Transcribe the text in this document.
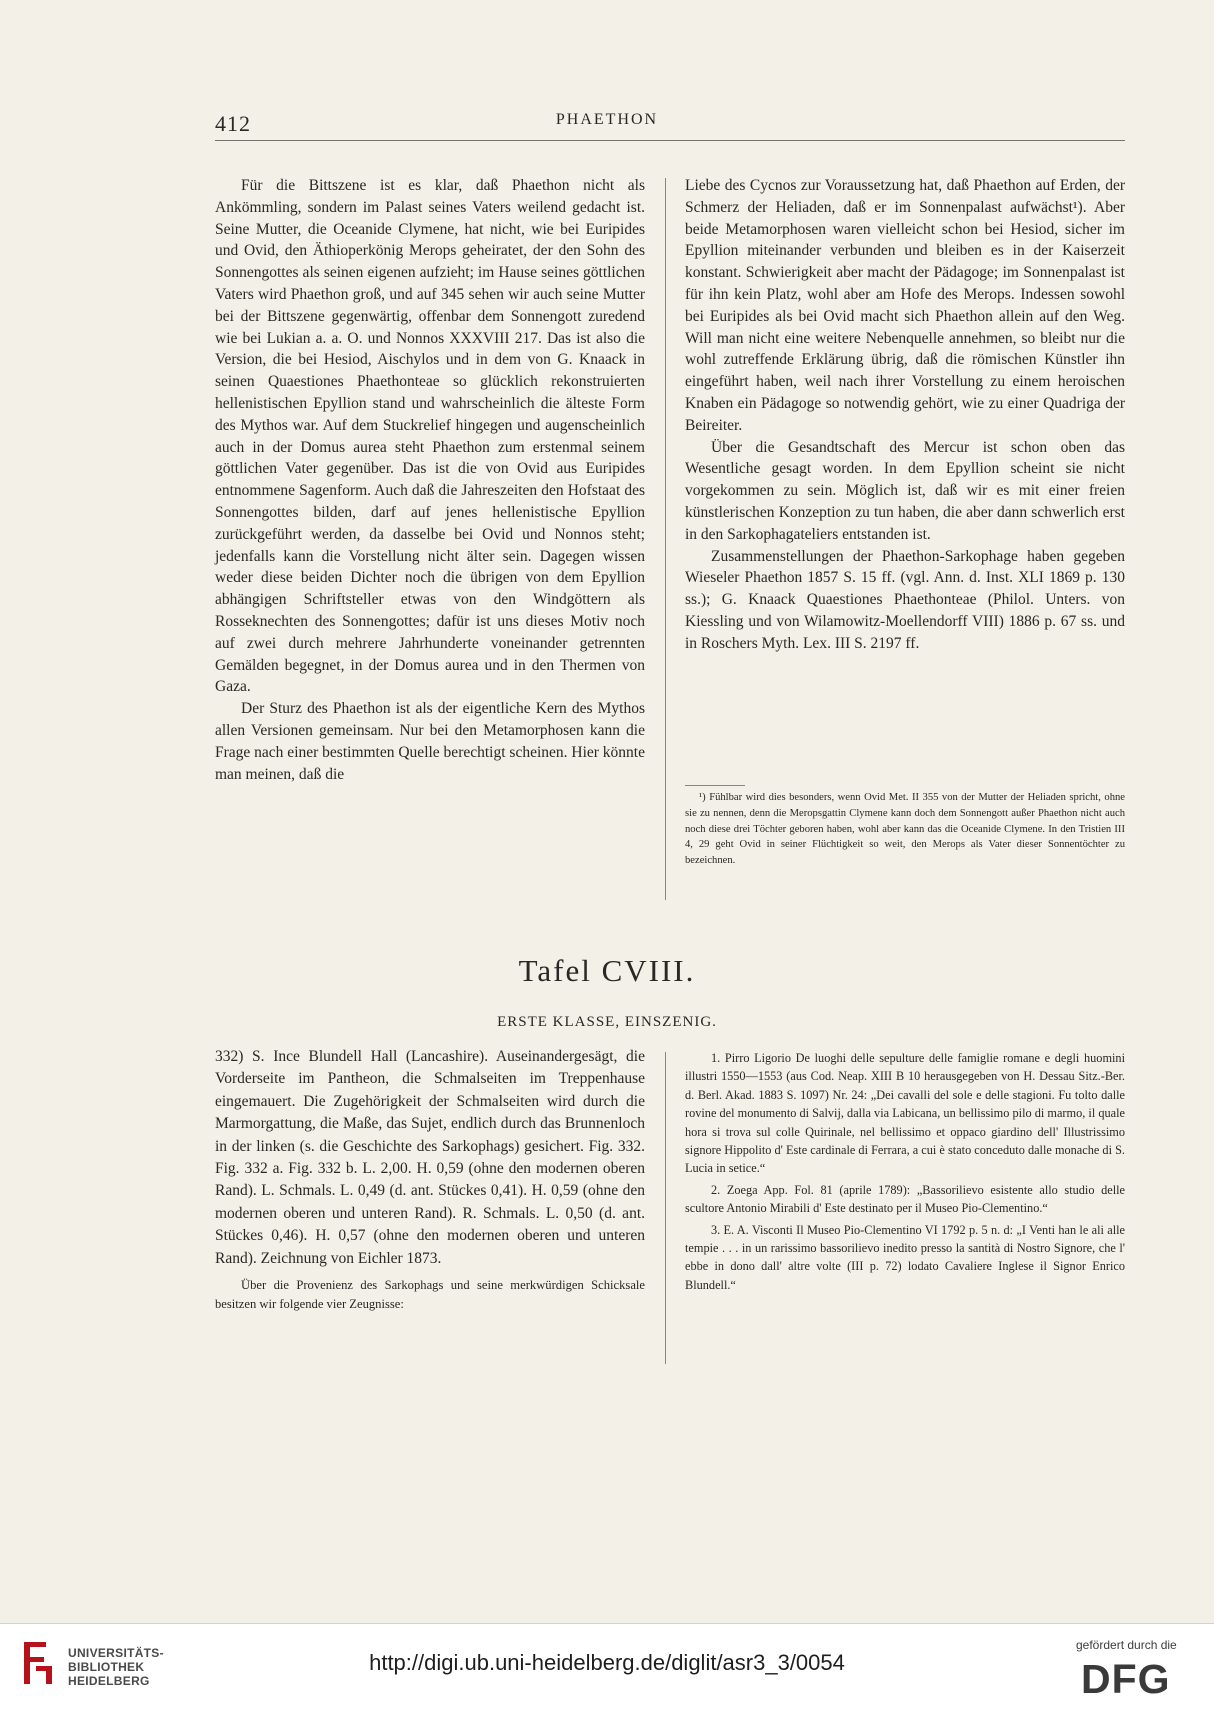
412	PHAETHON

Für die Bittszene ist es klar, daß Phaethon nicht als Ankömmling, sondern im Palast seines Vaters weilend gedacht ist. Seine Mutter, die Oceanide Clymene, hat nicht, wie bei Euripides und Ovid, den Äthioperkönig Merops geheiratet, der den Sohn des Sonnengottes als seinen eigenen aufzieht; im Hause seines göttlichen Vaters wird Phaethon groß, und auf 345 sehen wir auch seine Mutter bei der Bittszene gegenwärtig, offenbar dem Sonnengott zuredend wie bei Lukian a. a. O. und Nonnos XXXVIII 217. Das ist also die Version, die bei Hesiod, Aischylos und in dem von G. Knaack in seinen Quaestiones Phaethonteae so glücklich rekonstruierten hellenistischen Epyllion stand und wahrscheinlich die älteste Form des Mythos war. Auf dem Stuckrelief hingegen und augenscheinlich auch in der Domus aurea steht Phaethon zum erstenmal seinem göttlichen Vater gegenüber. Das ist die von Ovid aus Euripides entnommene Sagenform. Auch daß die Jahreszeiten den Hofstaat des Sonnengottes bilden, darf auf jenes hellenistische Epyllion zurückgeführt werden, da dasselbe bei Ovid und Nonnos steht; jedenfalls kann die Vorstellung nicht älter sein. Dagegen wissen weder diese beiden Dichter noch die übrigen von dem Epyllion abhängigen Schriftsteller etwas von den Windgöttern als Rosseknechten des Sonnengottes; dafür ist uns dieses Motiv noch auf zwei durch mehrere Jahrhunderte voneinander getrennten Gemälden begegnet, in der Domus aurea und in den Thermen von Gaza.

Der Sturz des Phaethon ist als der eigentliche Kern des Mythos allen Versionen gemeinsam. Nur bei den Metamorphosen kann die Frage nach einer bestimmten Quelle berechtigt scheinen. Hier könnte man meinen, daß die

Liebe des Cycnos zur Voraussetzung hat, daß Phaethon auf Erden, der Schmerz der Heliaden, daß er im Sonnenpalast aufwächst¹). Aber beide Metamorphosen waren vielleicht schon bei Hesiod, sicher im Epyllion miteinander verbunden und bleiben es in der Kaiserzeit konstant. Schwierigkeit aber macht der Pädagoge; im Sonnenpalast ist für ihn kein Platz, wohl aber am Hofe des Merops. Indessen sowohl bei Euripides als bei Ovid macht sich Phaethon allein auf den Weg. Will man nicht eine weitere Nebenquelle annehmen, so bleibt nur die wohl zutreffende Erklärung übrig, daß die römischen Künstler ihn eingeführt haben, weil nach ihrer Vorstellung zu einem heroischen Knaben ein Pädagoge so notwendig gehört, wie zu einer Quadriga der Beireiter.

Über die Gesandtschaft des Mercur ist schon oben das Wesentliche gesagt worden. In dem Epyllion scheint sie nicht vorgekommen zu sein. Möglich ist, daß wir es mit einer freien künstlerischen Konzeption zu tun haben, die aber dann schwerlich erst in den Sarkophagateliers entstanden ist.

Zusammenstellungen der Phaethon-Sarkophage haben gegeben Wieseler Phaethon 1857 S. 15 ff. (vgl. Ann. d. Inst. XLI 1869 p. 130 ss.); G. Knaack Quaestiones Phaethonteae (Philol. Unters. von Kiessling und von Wilamowitz-Moellendorff VIII) 1886 p. 67 ss. und in Roschers Myth. Lex. III S. 2197 ff.

¹) Fühlbar wird dies besonders, wenn Ovid Met. II 355 von der Mutter der Heliaden spricht, ohne sie zu nennen, denn die Meropsgattin Clymene kann doch dem Sonnengott außer Phaethon nicht auch noch diese drei Töchter geboren haben, wohl aber kann das die Oceanide Clymene. In den Tristien III 4, 29 geht Ovid in seiner Flüchtigkeit so weit, den Merops als Vater dieser Sonnentöchter zu bezeichnen.

Tafel CVIII.
ERSTE KLASSE, EINSZENIG.

332) S. Ince Blundell Hall (Lancashire). Auseinandergesägt, die Vorderseite im Pantheon, die Schmalseiten im Treppenhause eingemauert. Die Zugehörigkeit der Schmalseiten wird durch die Marmorgattung, die Maße, das Sujet, endlich durch das Brunnenloch in der linken (s. die Geschichte des Sarkophags) gesichert. Fig. 332. Fig. 332 a. Fig. 332 b. L. 2,00. H. 0,59 (ohne den modernen oberen Rand). L. Schmals. L. 0,49 (d. ant. Stückes 0,41). H. 0,59 (ohne den modernen oberen und unteren Rand). R. Schmals. L. 0,50 (d. ant. Stückes 0,46). H. 0,57 (ohne den modernen oberen und unteren Rand). Zeichnung von Eichler 1873.

Über die Provenienz des Sarkophags und seine merkwürdigen Schicksale besitzen wir folgende vier Zeugnisse:

1. Pirro Ligorio De luoghi delle sepulture delle famiglie romane e degli huomini illustri 1550—1553 (aus Cod. Neap. XIII B 10 herausgegeben von H. Dessau Sitz.-Ber. d. Berl. Akad. 1883 S. 1097) Nr. 24: „Dei cavalli del sole e delle stagioni. Fu tolto dalle rovine del monumento di Salvij, dalla via Labicana, un bellissimo pilo di marmo, il quale hora si trova sul colle Quirinale, nel bellissimo et oppaco giardino dell' Illustrissimo signore Hippolito d' Este cardinale di Ferrara, a cui è stato conceduto dalle monache di S. Lucia in setice.“

2. Zoega App. Fol. 81 (aprile 1789): „Bassorilievo esistente allo studio delle scultore Antonio Mirabili d' Este destinato per il Museo Pio-Clementino.“

3. E. A. Visconti Il Museo Pio-Clementino VI 1792 p. 5 n. d: „I Venti han le ali alle tempie . . . in un rarissimo bassorilievo inedito presso la santità di Nostro Signore, che l' ebbe in dono dall' altre volte (III p. 72) lodato Cavaliere Inglese il Signor Enrico Blundell.“

UNIVERSITÄTS-
BIBLIOTHEK
HEIDELBERG
http://digi.ub.uni-heidelberg.de/diglit/asr3_3/0054
gefördert durch die
DFG
